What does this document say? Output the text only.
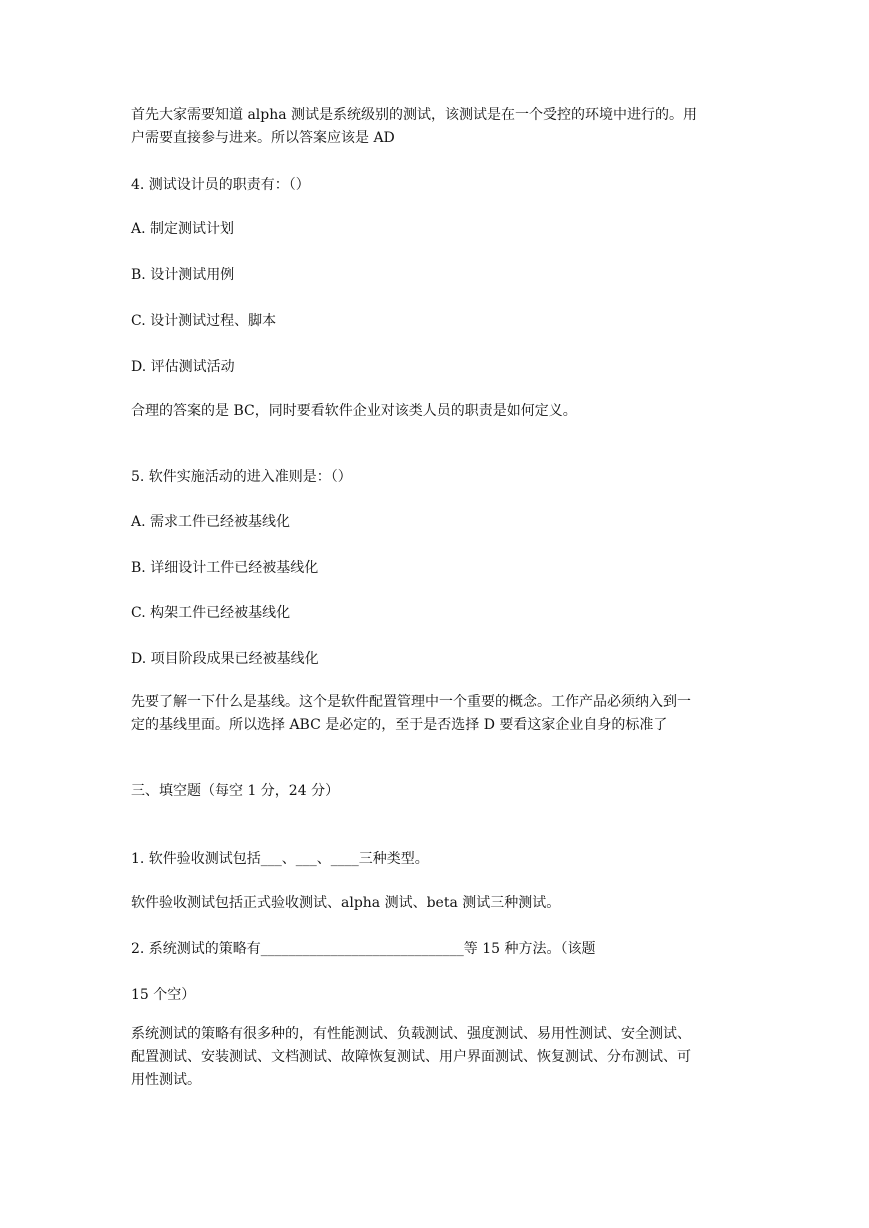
首先大家需要知道 alpha 测试是系统级别的测试，该测试是在一个受控的环境中进行的。用
户需要直接参与进来。所以答案应该是 AD
4. 测试设计员的职责有：（）
A. 制定测试计划
B. 设计测试用例
C. 设计测试过程、脚本
D. 评估测试活动
合理的答案的是 BC，同时要看软件企业对该类人员的职责是如何定义。
5. 软件实施活动的进入准则是：（）
A. 需求工件已经被基线化
B. 详细设计工件已经被基线化
C. 构架工件已经被基线化
D. 项目阶段成果已经被基线化
先要了解一下什么是基线。这个是软件配置管理中一个重要的概念。工作产品必须纳入到一
定的基线里面。所以选择 ABC 是必定的，至于是否选择 D 要看这家企业自身的标准了
三、填空题（每空 1 分，24 分）
1. 软件验收测试包括___、___、____三种类型。
软件验收测试包括正式验收测试、alpha 测试、beta 测试三种测试。
2. 系统测试的策略有_____________________________等 15 种方法。（该题
15 个空）
系统测试的策略有很多种的，有性能测试、负载测试、强度测试、易用性测试、安全测试、
配置测试、安装测试、文档测试、故障恢复测试、用户界面测试、恢复测试、分布测试、可
用性测试。
